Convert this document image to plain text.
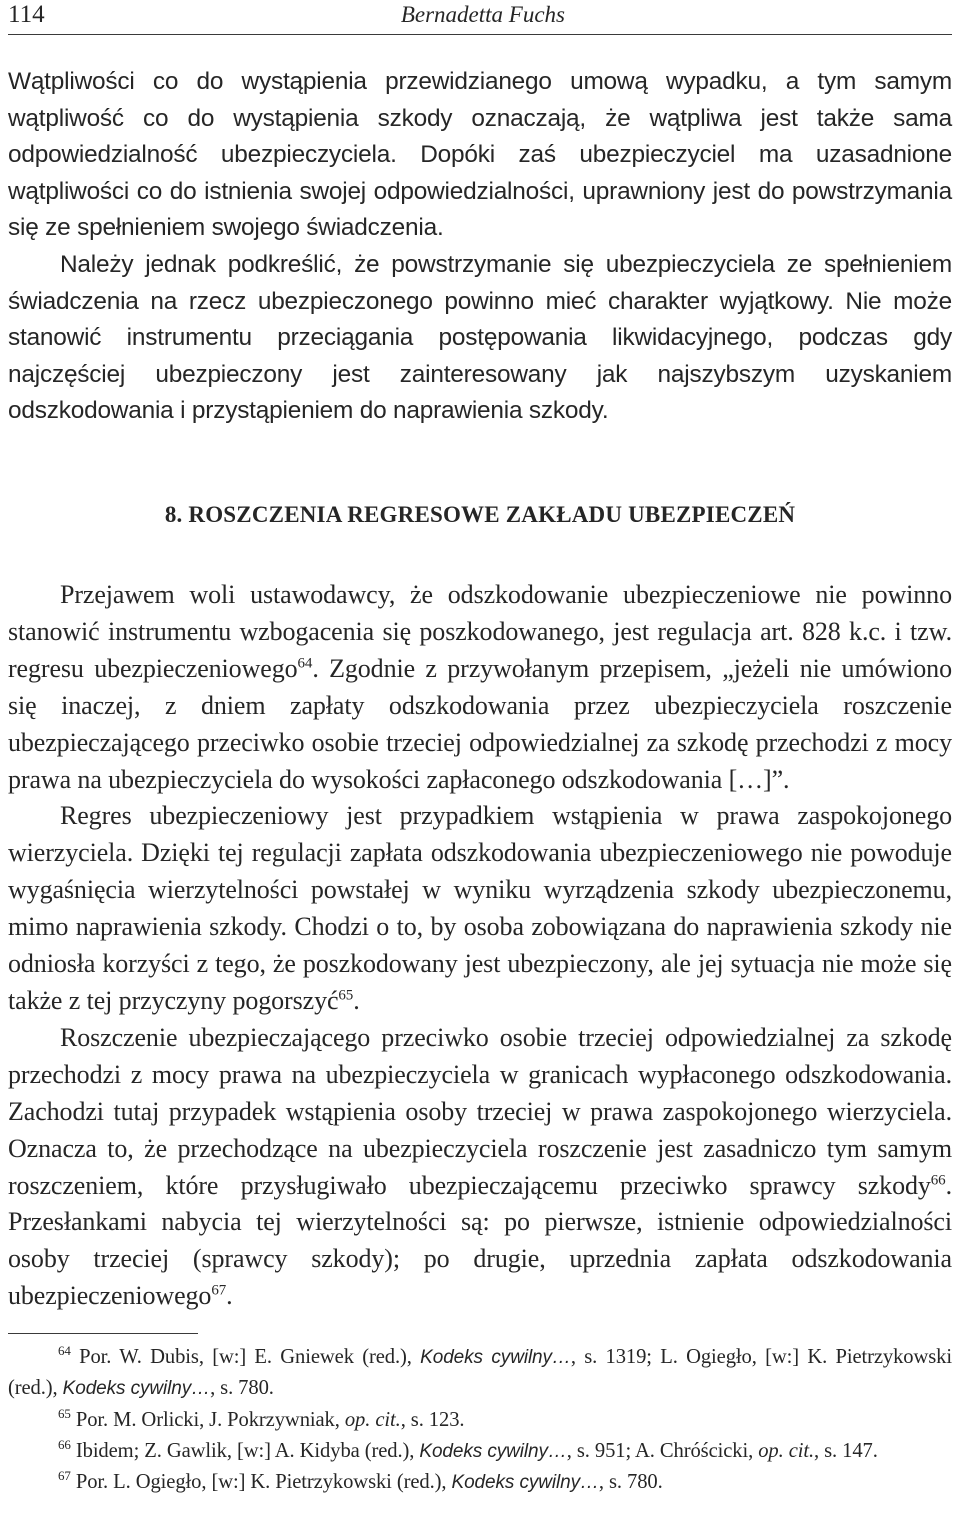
114	Bernadetta Fuchs

Wątpliwości co do wystąpienia przewidzianego umową wypadku, a tym samym wątpliwość co do wystąpienia szkody oznaczają, że wątpliwa jest także sama odpowiedzialność ubezpieczyciela. Dopóki zaś ubezpieczyciel ma uzasadnione wątpliwości co do istnienia swojej odpowiedzialności, uprawniony jest do powstrzymania się ze spełnieniem swojego świadczenia.

Należy jednak podkreślić, że powstrzymanie się ubezpieczyciela ze spełnieniem świadczenia na rzecz ubezpieczonego powinno mieć charakter wyjątkowy. Nie może stanowić instrumentu przeciągania postępowania likwidacyjnego, podczas gdy najczęściej ubezpieczony jest zainteresowany jak najszybszym uzyskaniem odszkodowania i przystąpieniem do naprawienia szkody.

8. ROSZCZENIA REGRESOWE ZAKŁADU UBEZPIECZEŃ

Przejawem woli ustawodawcy, że odszkodowanie ubezpieczeniowe nie powinno stanowić instrumentu wzbogacenia się poszkodowanego, jest regulacja art. 828 k.c. i tzw. regresu ubezpieczeniowego$^{64}$. Zgodnie z przywołanym przepisem, „jeżeli nie umówiono się inaczej, z dniem zapłaty odszkodowania przez ubezpieczyciela roszczenie ubezpieczającego przeciwko osobie trzeciej odpowiedzialnej za szkodę przechodzi z mocy prawa na ubezpieczyciela do wysokości zapłaconego odszkodowania […]”.

Regres ubezpieczeniowy jest przypadkiem wstąpienia w prawa zaspokojonego wierzyciela. Dzięki tej regulacji zapłata odszkodowania ubezpieczeniowego nie powoduje wygaśnięcia wierzytelności powstałej w wyniku wyrządzenia szkody ubezpieczonemu, mimo naprawienia szkody. Chodzi o to, by osoba zobowiązana do naprawienia szkody nie odniosła korzyści z tego, że poszkodowany jest ubezpieczony, ale jej sytuacja nie może się także z tej przyczyny pogorszyć$^{65}$.

Roszczenie ubezpieczającego przeciwko osobie trzeciej odpowiedzialnej za szkodę przechodzi z mocy prawa na ubezpieczyciela w granicach wypłaconego odszkodowania. Zachodzi tutaj przypadek wstąpienia osoby trzeciej w prawa zaspokojonego wierzyciela. Oznacza to, że przechodzące na ubezpieczyciela roszczenie jest zasadniczo tym samym roszczeniem, które przysługiwało ubezpieczającemu przeciwko sprawcy szkody$^{66}$. Przesłankami nabycia tej wierzytelności są: po pierwsze, istnienie odpowiedzialności osoby trzeciej (sprawcy szkody); po drugie, uprzednia zapłata odszkodowania ubezpieczeniowego$^{67}$.

$^{64}$ Por. W. Dubis, [w:] E. Gniewek (red.), Kodeks cywilny…, s. 1319; L. Ogiegło, [w:] K. Pietrzykowski (red.), Kodeks cywilny…, s. 780.

$^{65}$ Por. M. Orlicki, J. Pokrzywniak, op. cit., s. 123.

$^{66}$ Ibidem; Z. Gawlik, [w:] A. Kidyba (red.), Kodeks cywilny…, s. 951; A. Chróścicki, op. cit., s. 147.

$^{67}$ Por. L. Ogiegło, [w:] K. Pietrzykowski (red.), Kodeks cywilny…, s. 780.
